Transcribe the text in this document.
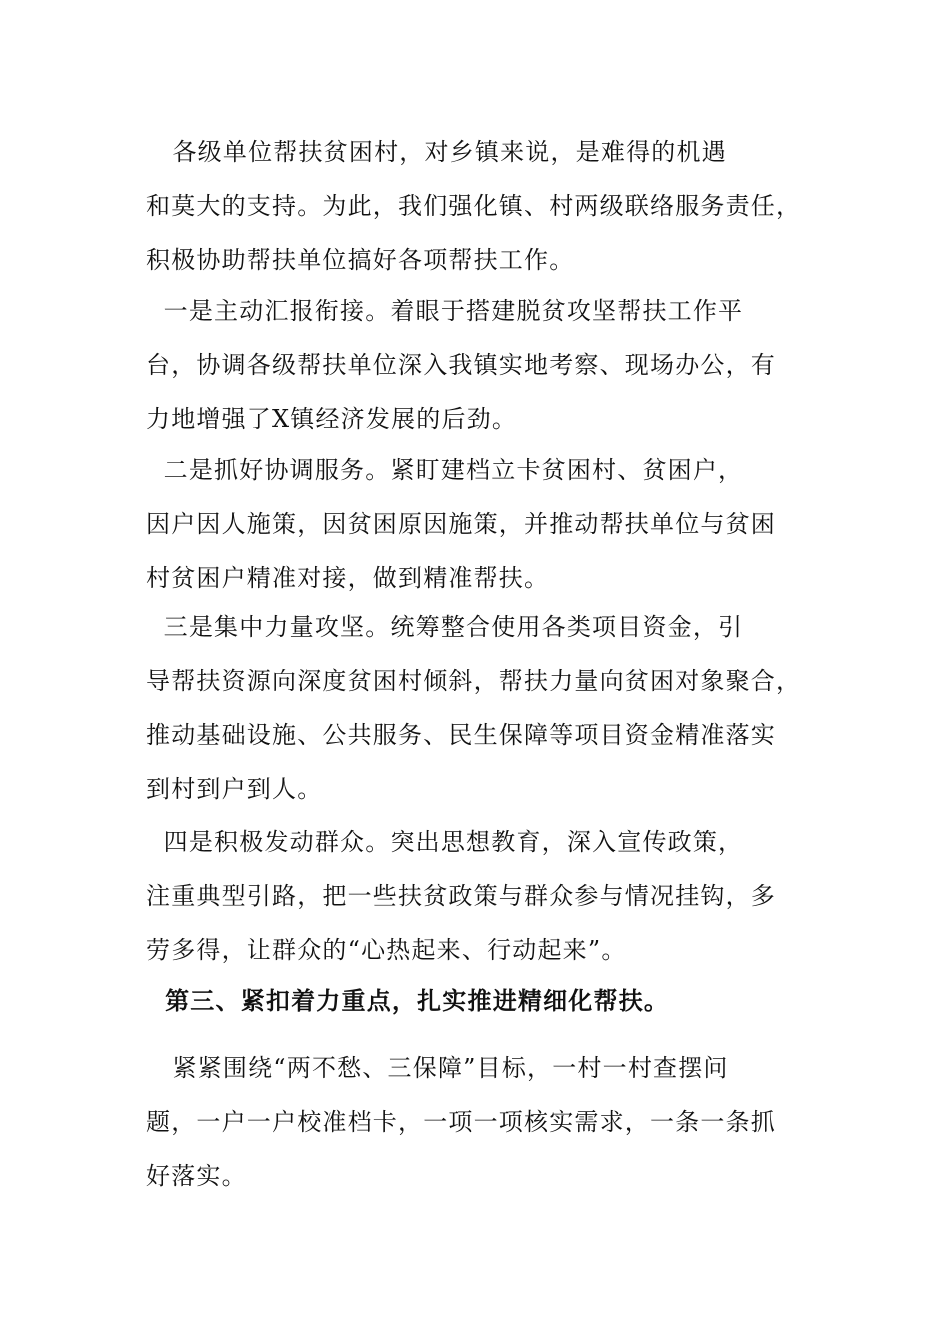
各级单位帮扶贫困村，对乡镇来说，是难得的机遇
和莫大的支持。为此，我们强化镇、村两级联络服务责任，
积极协助帮扶单位搞好各项帮扶工作。
一是主动汇报衔接。着眼于搭建脱贫攻坚帮扶工作平
台，协调各级帮扶单位深入我镇实地考察、现场办公，有
力地增强了X镇经济发展的后劲。
二是抓好协调服务。紧盯建档立卡贫困村、贫困户，
因户因人施策，因贫困原因施策，并推动帮扶单位与贫困
村贫困户精准对接，做到精准帮扶。
三是集中力量攻坚。统筹整合使用各类项目资金，引
导帮扶资源向深度贫困村倾斜，帮扶力量向贫困对象聚合，
推动基础设施、公共服务、民生保障等项目资金精准落实
到村到户到人。
四是积极发动群众。突出思想教育，深入宣传政策，
注重典型引路，把一些扶贫政策与群众参与情况挂钩，多
劳多得，让群众的“心热起来、行动起来”。
第三、紧扣着力重点，扎实推进精细化帮扶。
紧紧围绕“两不愁、三保障”目标，一村一村查摆问
题，一户一户校准档卡，一项一项核实需求，一条一条抓
好落实。
